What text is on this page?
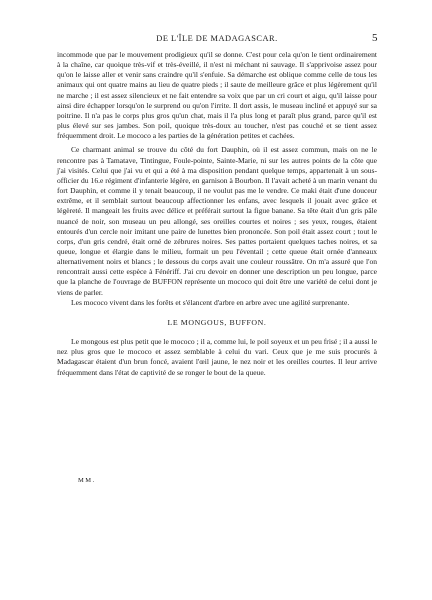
DE L'ÎLE DE MADAGASCAR.	5

incommode que par le mouvement prodigieux qu'il se donne. C'est pour cela qu'on le tient ordinairement à la chaîne, car quoique très-vif et très-éveillé, il n'est ni méchant ni sauvage. Il s'apprivoise assez pour qu'on le laisse aller et venir sans craindre qu'il s'enfuie. Sa démarche est oblique comme celle de tous les animaux qui ont quatre mains au lieu de quatre pieds ; il saute de meilleure grâce et plus légèrement qu'il ne marche ; il est assez silencieux et ne fait entendre sa voix que par un cri court et aigu, qu'il laisse pour ainsi dire échapper lorsqu'on le surprend ou qu'on l'irrite. Il dort assis, le museau incliné et appuyé sur sa poitrine. Il n'a pas le corps plus gros qu'un chat, mais il l'a plus long et paraît plus grand, parce qu'il est plus élevé sur ses jambes. Son poil, quoique très-doux au toucher, n'est pas couché et se tient assez fréquemment droit. Le mococo a les parties de la génération petites et cachées.

Ce charmant animal se trouve du côté du fort Dauphin, où il est assez commun, mais on ne le rencontre pas à Tamatave, Tintingue, Foule-pointe, Sainte-Marie, ni sur les autres points de la côte que j'ai visités. Celui que j'ai vu et qui a été à ma disposition pendant quelque temps, appartenait à un sous-officier du 16.e régiment d'infanterie légère, en garnison à Bourbon. Il l'avait acheté à un marin venant du fort Dauphin, et comme il y tenait beaucoup, il ne voulut pas me le vendre. Ce maki était d'une douceur extrême, et il semblait surtout beaucoup affectionner les enfans, avec lesquels il jouait avec grâce et légèreté. Il mangeait les fruits avec délice et préférait surtout la figue banane. Sa tête était d'un gris pâle nuancé de noir, son museau un peu allongé, ses oreilles courtes et noires ; ses yeux, rouges, étaient entourés d'un cercle noir imitant une paire de lunettes bien prononcée. Son poil était assez court ; tout le corps, d'un gris cendré, était orné de zébrures noires. Ses pattes portaient quelques taches noires, et sa queue, longue et élargie dans le milieu, formait un peu l'éventail ; cette queue était ornée d'anneaux alternativement noirs et blancs ; le dessous du corps avait une couleur roussâtre. On m'a assuré que l'on rencontrait aussi cette espèce à Fénériff. J'ai cru devoir en donner une description un peu longue, parce que la planche de l'ouvrage de BUFFON représente un mococo qui doit être une variété de celui dont je viens de parler.

Les mococo vivent dans les forêts et s'élancent d'arbre en arbre avec une agilité surprenante.

LE MONGOUS, BUFFON.

Le mongous est plus petit que le mococo ; il a, comme lui, le poil soyeux et un peu frisé ; il a aussi le nez plus gros que le mococo et assez semblable à celui du vari. Ceux que je me suis procurés à Madagascar étaient d'un brun foncé, avaient l'œil jaune, le nez noir et les oreilles courtes. Il leur arrive fréquemment dans l'état de captivité de se ronger le bout de la queue.

MM.
